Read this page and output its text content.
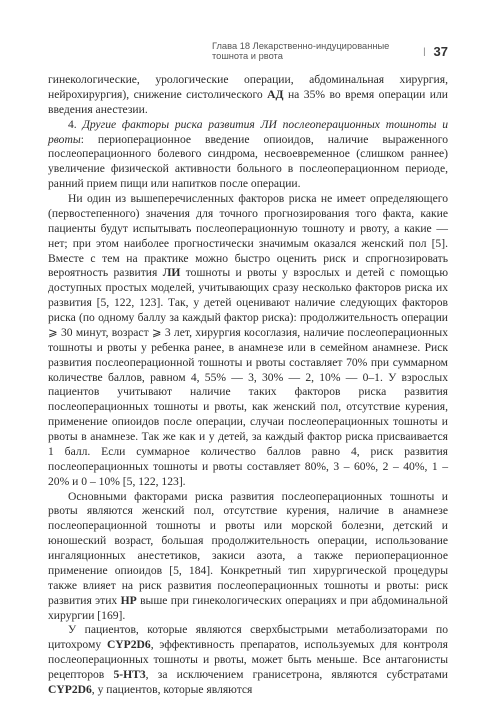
Глава 18 Лекарственно-индуцированные тошнота и рвота	| 37

гинекологические, урологические операции, абдоминальная хирургия, нейрохирургия), снижение систолического АД на 35% во время операции или введения анестезии.

4. Другие факторы риска развития ЛИ послеоперационных тошноты и рвоты: периоперационное введение опиоидов, наличие выраженного послеоперационного болевого синдрома, несвоевременное (слишком раннее) увеличение физической активности больного в послеоперационном периоде, ранний прием пищи или напитков после операции.

Ни один из вышеперечисленных факторов риска не имеет определяющего (первостепенного) значения для точного прогнозирования того факта, какие пациенты будут испытывать послеоперационную тошноту и рвоту, а какие — нет; при этом наиболее прогностически значимым оказался женский пол [5]. Вместе с тем на практике можно быстро оценить риск и спрогнозировать вероятность развития ЛИ тошноты и рвоты у взрослых и детей с помощью доступных простых моделей, учитывающих сразу несколько факторов риска их развития [5, 122, 123]. Так, у детей оценивают наличие следующих факторов риска (по одному баллу за каждый фактор риска): продолжительность операции ⩾ 30 минут, возраст ⩾ 3 лет, хирургия косоглазия, наличие послеоперационных тошноты и рвоты у ребенка ранее, в анамнезе или в семейном анамнезе. Риск развития послеоперационной тошноты и рвоты составляет 70% при суммарном количестве баллов, равном 4, 55% — 3, 30% — 2, 10% — 0–1. У взрослых пациентов учитывают наличие таких факторов риска развития послеоперационных тошноты и рвоты, как женский пол, отсутствие курения, применение опиоидов после операции, случаи послеоперационных тошноты и рвоты в анамнезе. Так же как и у детей, за каждый фактор риска присваивается 1 балл. Если суммарное количество баллов равно 4, риск развития послеоперационных тошноты и рвоты составляет 80%, 3 – 60%, 2 – 40%, 1 – 20% и 0 – 10% [5, 122, 123].

Основными факторами риска развития послеоперационных тошноты и рвоты являются женский пол, отсутствие курения, наличие в анамнезе послеоперационной тошноты и рвоты или морской болезни, детский и юношеский возраст, большая продолжительность операции, использование ингаляционных анестетиков, закиси азота, а также периоперационное применение опиоидов [5, 184]. Конкретный тип хирургической процедуры также влияет на риск развития послеоперационных тошноты и рвоты: риск развития этих НР выше при гинекологических операциях и при абдоминальной хирургии [169].

У пациентов, которые являются сверхбыстрыми метаболизаторами по цитохрому CYP2D6, эффективность препаратов, используемых для контроля послеоперационных тошноты и рвоты, может быть меньше. Все антагонисты рецепторов 5-HT3, за исключением гранисетрона, являются субстратами CYP2D6, у пациентов, которые являются
